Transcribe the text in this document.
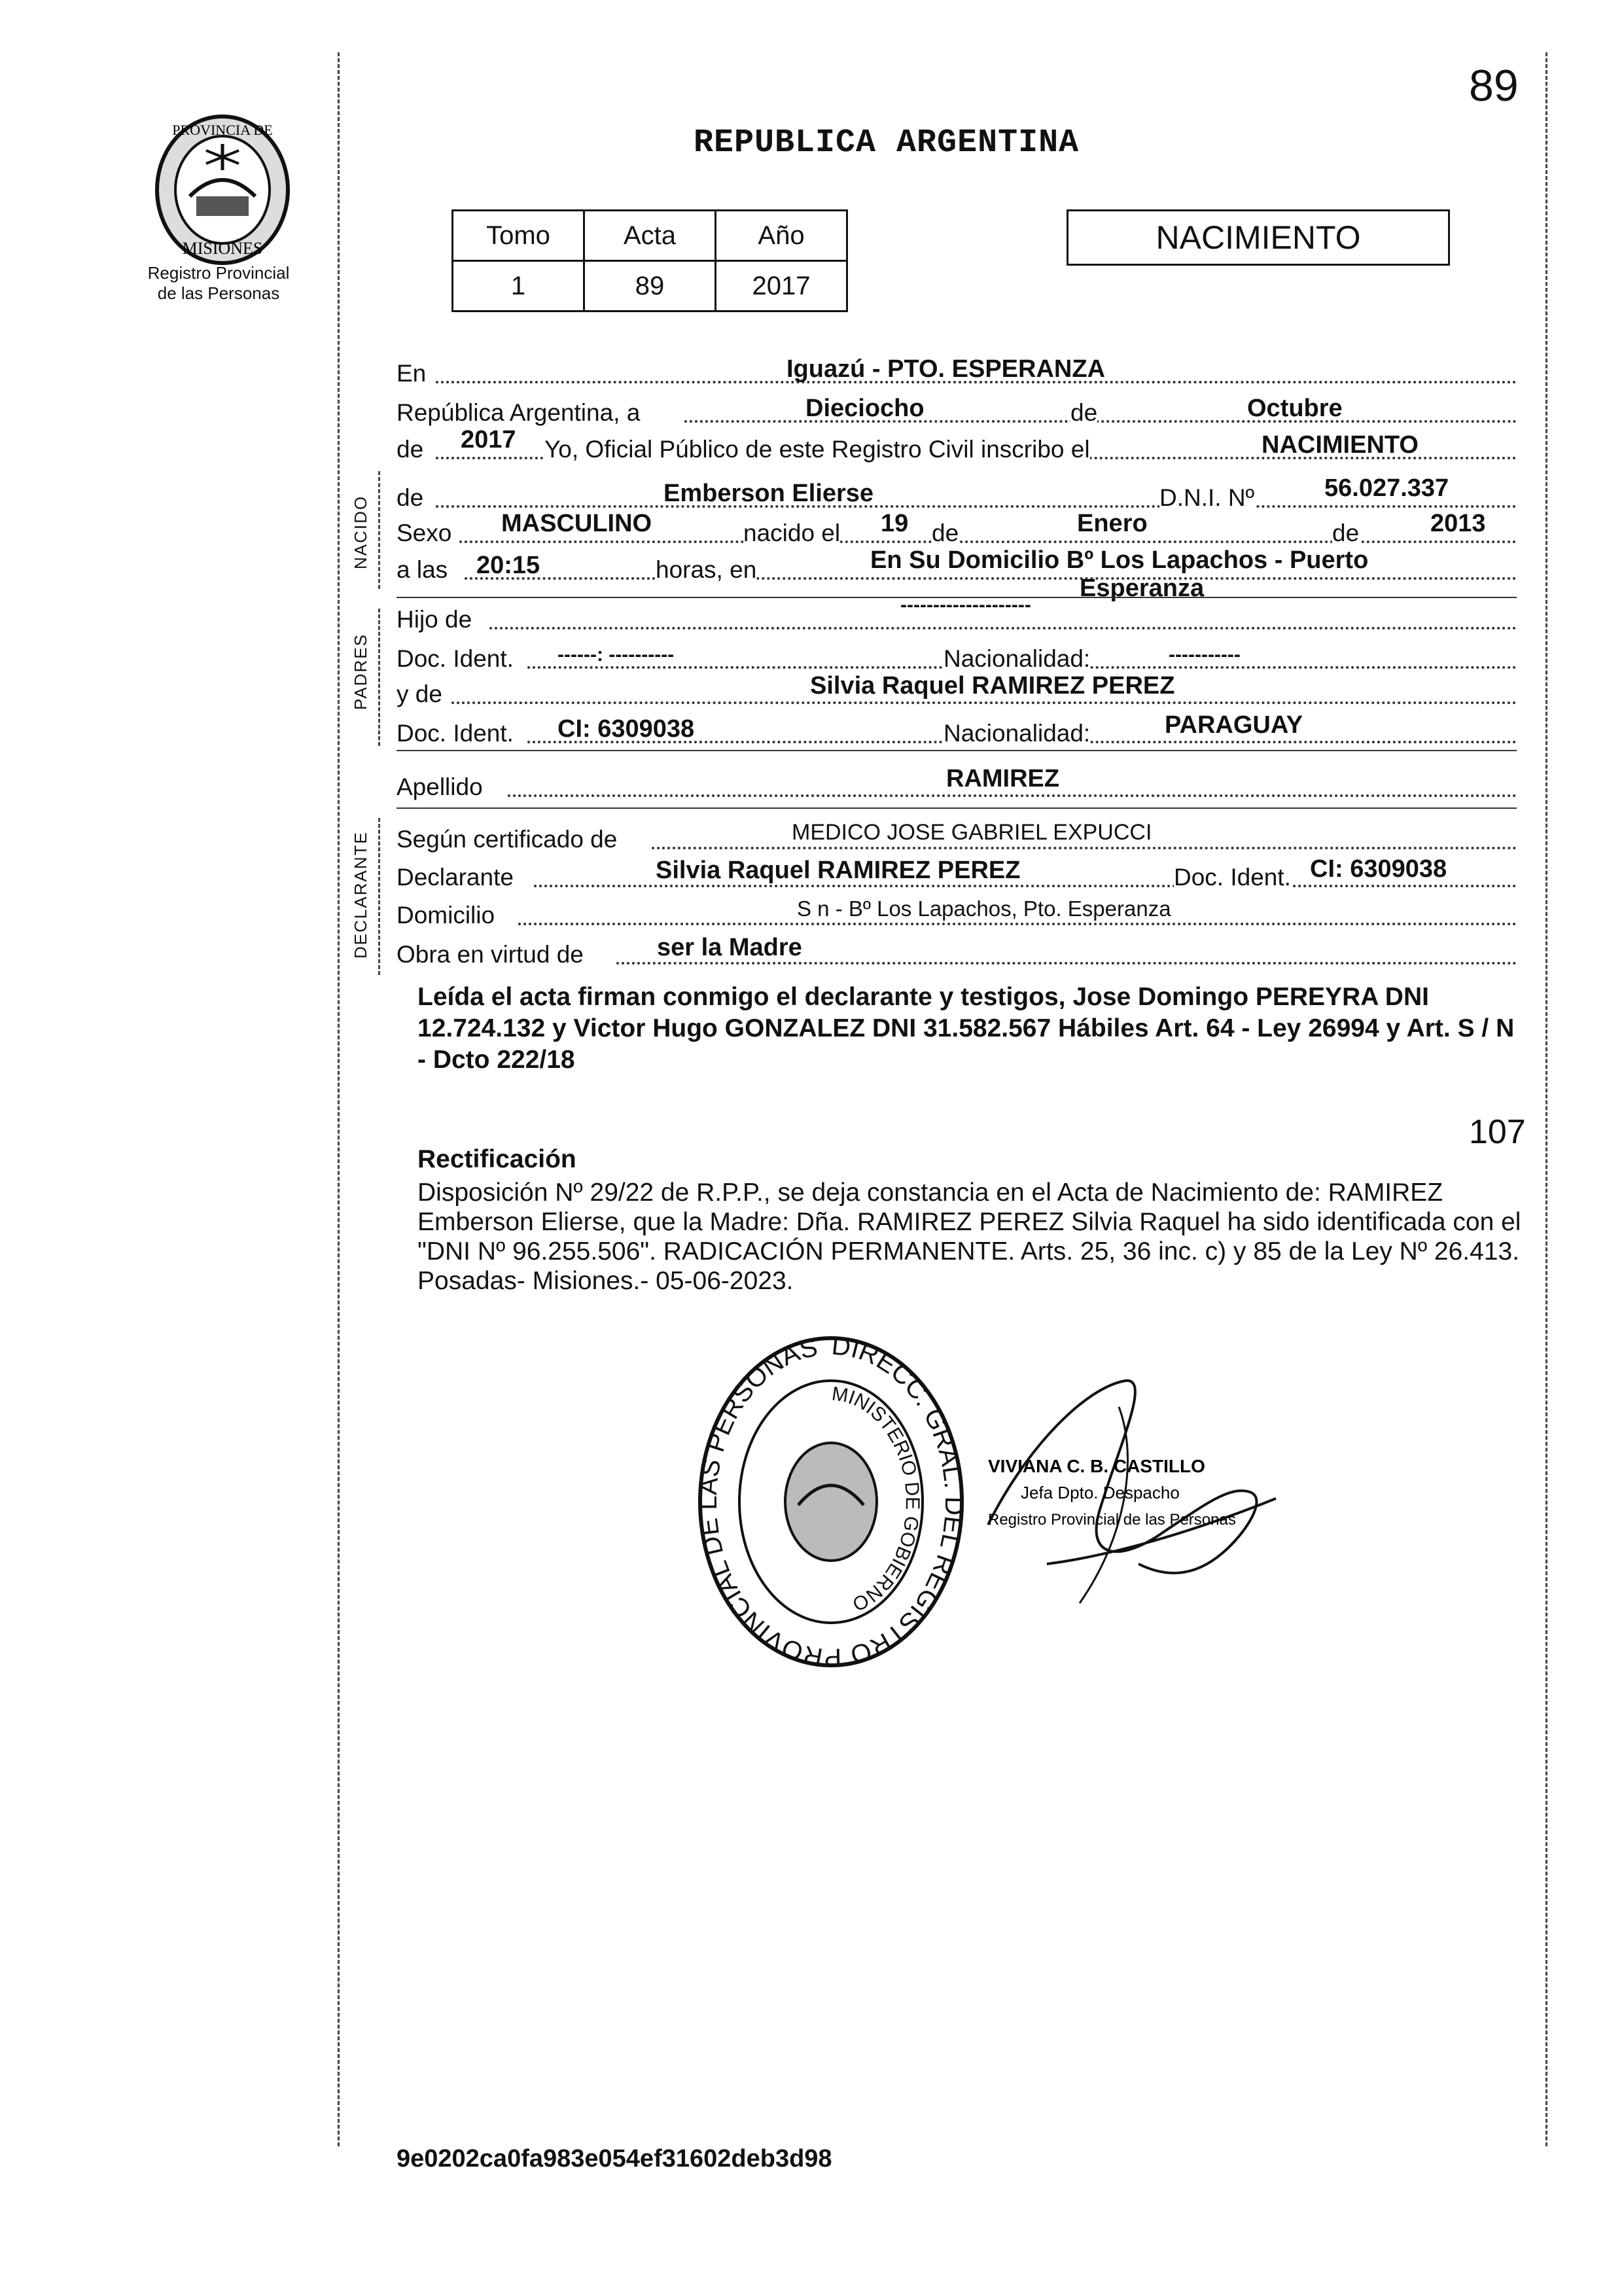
89
REPUBLICA ARGENTINA
PROVINCIA DE
MISIONES
Registro Provincial
de las Personas
Tomo	Acta	Año
1	89	2017
NACIMIENTO
NACIDO
PADRES
DECLARANTE
En	Iguazú - PTO. ESPERANZA
República Argentina, a	Dieciocho	de	Octubre
de 2017 Yo, Oficial Público de este Registro Civil inscribo el	NACIMIENTO
de	Emberson Elierse	D.N.I. Nº	56.027.337
Sexo MASCULINO	nacido el 19 de	Enero	de	2013
a las 20:15	horas, en	En Su Domicilio Bº Los Lapachos - Puerto
Esperanza
Hijo de
--------------------
Doc. Ident. ------: ----------	Nacionalidad:	-----------
y de	Silvia Raquel RAMIREZ PEREZ
Doc. Ident. CI: 6309038	Nacionalidad:	PARAGUAY
Apellido	RAMIREZ
Según certificado de	MEDICO JOSE GABRIEL EXPUCCI
Declarante	Silvia Raquel RAMIREZ PEREZ	Doc. Ident. CI: 6309038
Domicilio	S n - Bº Los Lapachos, Pto. Esperanza
Obra en virtud de	ser la Madre
Leída el acta firman conmigo el declarante y testigos, Jose Domingo PEREYRA DNI 12.724.132 y Victor Hugo GONZALEZ DNI 31.582.567 Hábiles Art. 64 - Ley 26994 y Art. S / N - Dcto 222/18
107
Rectificación
Disposición Nº 29/22 de R.P.P., se deja constancia en el Acta de Nacimiento de: RAMIREZ Emberson Elierse, que la Madre: Dña. RAMIREZ PEREZ Silvia Raquel ha sido identificada con el "DNI Nº 96.255.506". RADICACIÓN PERMANENTE. Arts. 25, 36 inc. c) y 85 de la Ley Nº 26.413. Posadas- Misiones.- 05-06-2023.
DIRECC. GRAL. DEL REGISTRO PROVINCIAL DE LAS PERSONAS
MINISTERIO DE GOBIERNO
VIVIANA C. B. CASTILLO
Jefa Dpto. Despacho
Registro Provincial de las Personas
9e0202ca0fa983e054ef31602deb3d98
